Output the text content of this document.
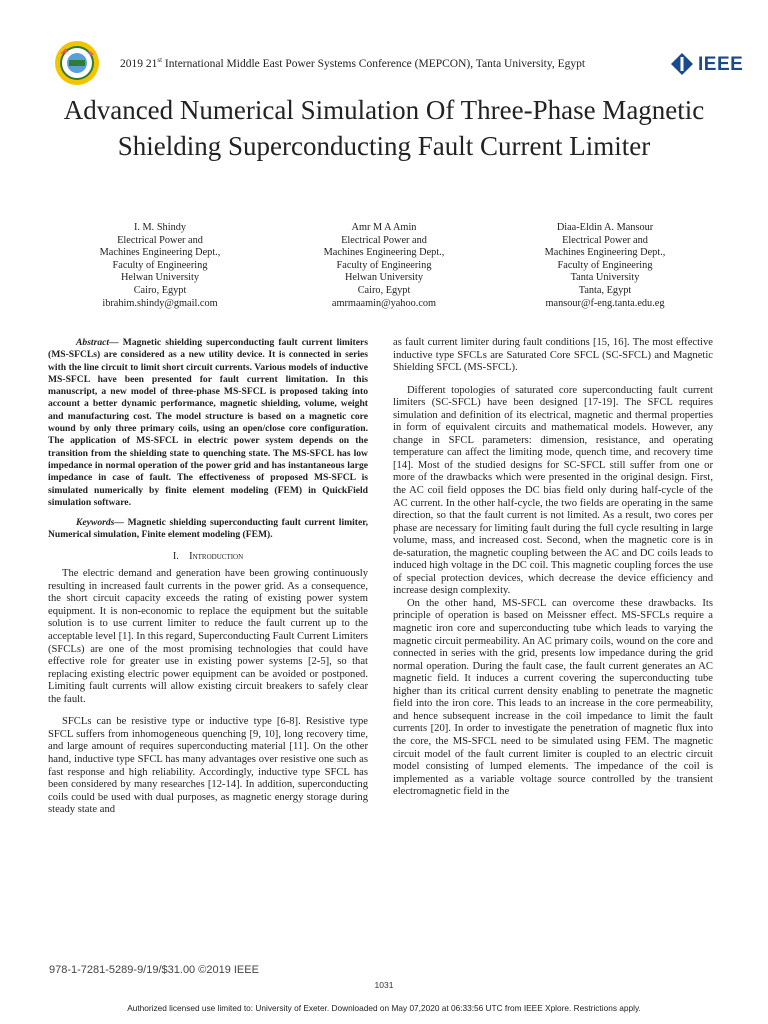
2019 21st International Middle East Power Systems Conference (MEPCON), Tanta University, Egypt	IEEE
Advanced Numerical Simulation Of Three-Phase Magnetic Shielding Superconducting Fault Current Limiter
I. M. Shindy
Electrical Power and
Machines Engineering Dept.,
Faculty of Engineering
Helwan University
Cairo, Egypt
ibrahim.shindy@gmail.com
Amr M A Amin
Electrical Power and
Machines Engineering Dept.,
Faculty of Engineering
Helwan University
Cairo, Egypt
amrmaamin@yahoo.com
Diaa-Eldin A. Mansour
Electrical Power and
Machines Engineering Dept.,
Faculty of Engineering
Tanta University
Tanta, Egypt
mansour@f-eng.tanta.edu.eg

Abstract— Magnetic shielding superconducting fault current limiters (MS-SFCLs) are considered as a new utility device. It is connected in series with the line circuit to limit short circuit currents. Various models of inductive MS-SFCL have been presented for fault current limitation. In this manuscript, a new model of three-phase MS-SFCL is proposed taking into account a better dynamic performance, magnetic shielding, volume, weight and manufacturing cost. The model structure is based on a magnetic core wound by only three primary coils, using an open/close core configuration. The application of MS-SFCL in electric power system depends on the transition from the shielding state to quenching state. The MS-SFCL has low impedance in normal operation of the power grid and has instantaneous large impedance in case of fault. The effectiveness of proposed MS-SFCL is simulated numerically by finite element modeling (FEM) in QuickField simulation software.

Keywords— Magnetic shielding superconducting fault current limiter, Numerical simulation, Finite element modeling (FEM).

I. Introduction

The electric demand and generation have been growing continuously resulting in increased fault currents in the power grid. As a consequence, the short circuit capacity exceeds the rating of existing power system equipment. It is non-economic to replace the equipment but the suitable solution is to use current limiter to reduce the fault current up to the acceptable level [1]. In this regard, Superconducting Fault Current Limiters (SFCLs) are one of the most promising technologies that could have effective role for greater use in existing power systems [2-5], so that replacing existing electric power equipment can be avoided or postponed. Limiting fault currents will allow existing circuit breakers to safely clear the fault.

SFCLs can be resistive type or inductive type [6-8]. Resistive type SFCL suffers from inhomogeneous quenching [9, 10], long recovery time, and large amount of requires superconducting material [11]. On the other hand, inductive type SFCL has many advantages over resistive one such as fast response and high reliability. Accordingly, inductive type SFCL has been considered by many researches [12-14]. In addition, superconducting coils could be used with dual purposes, as magnetic energy storage during steady state and

as fault current limiter during fault conditions [15, 16]. The most effective inductive type SFCLs are Saturated Core SFCL (SC-SFCL) and Magnetic Shielding SFCL (MS-SFCL).

Different topologies of saturated core superconducting fault current limiters (SC-SFCL) have been designed [17-19]. The SFCL requires simulation and definition of its electrical, magnetic and thermal properties in form of equivalent circuits and mathematical models. However, any change in SFCL parameters: dimension, resistance, and operating temperature can affect the limiting mode, quench time, and recovery time [14]. Most of the studied designs for SC-SFCL still suffer from one or more of the drawbacks which were presented in the original design. First, the AC coil field opposes the DC bias field only during half-cycle of the AC current. In the other half-cycle, the two fields are operating in the same direction, so that the fault current is not limited. As a result, two cores per phase are necessary for limiting fault during the full cycle resulting in large volume, mass, and increased cost. Second, when the magnetic core is in de-saturation, the magnetic coupling between the AC and DC coils leads to induced high voltage in the DC coil. This magnetic coupling forces the use of special protection devices, which decrease the device efficiency and increase design complexity.

On the other hand, MS-SFCL can overcome these drawbacks. Its principle of operation is based on Meissner effect. MS-SFCLs require a magnetic iron core and superconducting tube which leads to varying the magnetic circuit permeability. An AC primary coils, wound on the core and connected in series with the grid, presents low impedance during the grid normal operation. During the fault case, the fault current generates an AC magnetic field. It induces a current covering the superconducting tube higher than its critical current density enabling to penetrate the magnetic field into the iron core. This leads to an increase in the core permeability, and hence subsequent increase in the coil impedance to limit the fault currents [20]. In order to investigate the penetration of magnetic flux into the core, the MS-SFCL need to be simulated using FEM. The magnetic circuit model of the fault current limiter is coupled to an electric circuit model consisting of lumped elements. The impedance of the coil is implemented as a variable voltage source controlled by the transient electromagnetic field in the

978-1-7281-5289-9/19/$31.00 ©2019 IEEE
1031
Authorized licensed use limited to: University of Exeter. Downloaded on May 07,2020 at 06:33:56 UTC from IEEE Xplore. Restrictions apply.
